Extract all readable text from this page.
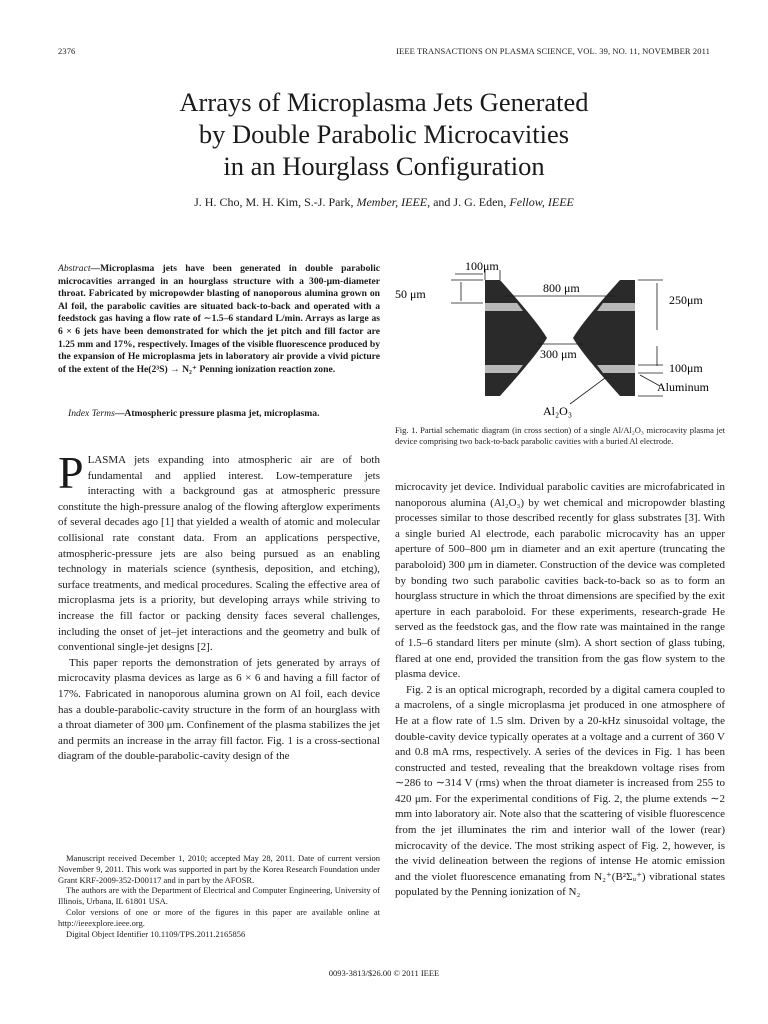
2376	IEEE TRANSACTIONS ON PLASMA SCIENCE, VOL. 39, NO. 11, NOVEMBER 2011
Arrays of Microplasma Jets Generated
by Double Parabolic Microcavities
in an Hourglass Configuration
J. H. Cho, M. H. Kim, S.-J. Park, Member, IEEE, and J. G. Eden, Fellow, IEEE
Abstract—Microplasma jets have been generated in double parabolic microcavities arranged in an hourglass structure with a 300-μm-diameter throat. Fabricated by micropowder blasting of nanoporous alumina grown on Al foil, the parabolic cavities are situated back-to-back and operated with a feedstock gas having a flow rate of ∼1.5–6 standard L/min. Arrays as large as 6 × 6 jets have been demonstrated for which the jet pitch and fill factor are 1.25 mm and 17%, respectively. Images of the visible fluorescence produced by the expansion of He microplasma jets in laboratory air provide a vivid picture of the extent of the He(2³S) → N₂⁺ Penning ionization reaction zone.
Index Terms—Atmospheric pressure plasma jet, microplasma.

PLASMA jets expanding into atmospheric air are of both fundamental and applied interest. Low-temperature jets interacting with a background gas at atmospheric pressure constitute the high-pressure analog of the flowing afterglow experiments of several decades ago [1] that yielded a wealth of atomic and molecular collisional rate constant data. From an applications perspective, atmospheric-pressure jets are also being pursued as an enabling technology in materials science (synthesis, deposition, and etching), surface treatments, and medical procedures. Scaling the effective area of microplasma jets is a priority, but developing arrays while striving to increase the fill factor or packing density faces several challenges, including the onset of jet–jet interactions and the geometry and bulk of conventional single-jet designs [2].

This paper reports the demonstration of jets generated by arrays of microcavity plasma devices as large as 6 × 6 and having a fill factor of 17%. Fabricated in nanoporous alumina grown on Al foil, each device has a double-parabolic-cavity structure in the form of an hourglass with a throat diameter of 300 μm. Confinement of the plasma stabilizes the jet and permits an increase in the array fill factor. Fig. 1 is a cross-sectional diagram of the double-parabolic-cavity design of the

Manuscript received December 1, 2010; accepted May 28, 2011. Date of current version November 9, 2011. This work was supported in part by the Korea Research Foundation under Grant KRF-2009-352-D00117 and in part by the AFOSR.

The authors are with the Department of Electrical and Computer Engineering, University of Illinois, Urbana, IL 61801 USA.

Color versions of one or more of the figures in this paper are available online at http://ieeexplore.ieee.org.

Digital Object Identifier 10.1109/TPS.2011.2165856

100μm
50 μm	800 μm
250μm
300 μm
100μm
Aluminum
Al₂O₃
Fig. 1. Partial schematic diagram (in cross section) of a single Al/Al₂O₃ microcavity plasma jet device comprising two back-to-back parabolic cavities with a buried Al electrode.

microcavity jet device. Individual parabolic cavities are microfabricated in nanoporous alumina (Al₂O₃) by wet chemical and micropowder blasting processes similar to those described recently for glass substrates [3]. With a single buried Al electrode, each parabolic microcavity has an upper aperture of 500–800 μm in diameter and an exit aperture (truncating the paraboloid) 300 μm in diameter. Construction of the device was completed by bonding two such parabolic cavities back-to-back so as to form an hourglass structure in which the throat dimensions are specified by the exit aperture in each paraboloid. For these experiments, research-grade He served as the feedstock gas, and the flow rate was maintained in the range of 1.5–6 standard liters per minute (slm). A short section of glass tubing, flared at one end, provided the transition from the gas flow system to the plasma device.

Fig. 2 is an optical micrograph, recorded by a digital camera coupled to a macrolens, of a single microplasma jet produced in one atmosphere of He at a flow rate of 1.5 slm. Driven by a 20-kHz sinusoidal voltage, the double-cavity device typically operates at a voltage and a current of 360 V and 0.8 mA rms, respectively. A series of the devices in Fig. 1 has been constructed and tested, revealing that the breakdown voltage rises from ∼286 to ∼314 V (rms) when the throat diameter is increased from 255 to 420 μm. For the experimental conditions of Fig. 2, the plume extends ∼2 mm into laboratory air. Note also that the scattering of visible fluorescence from the jet illuminates the rim and interior wall of the lower (rear) microcavity of the device. The most striking aspect of Fig. 2, however, is the vivid delineation between the regions of intense He atomic emission and the violet fluorescence emanating from N₂⁺(B²Σᵤ⁺) vibrational states populated by the Penning ionization of N₂

0093-3813/$26.00 © 2011 IEEE
